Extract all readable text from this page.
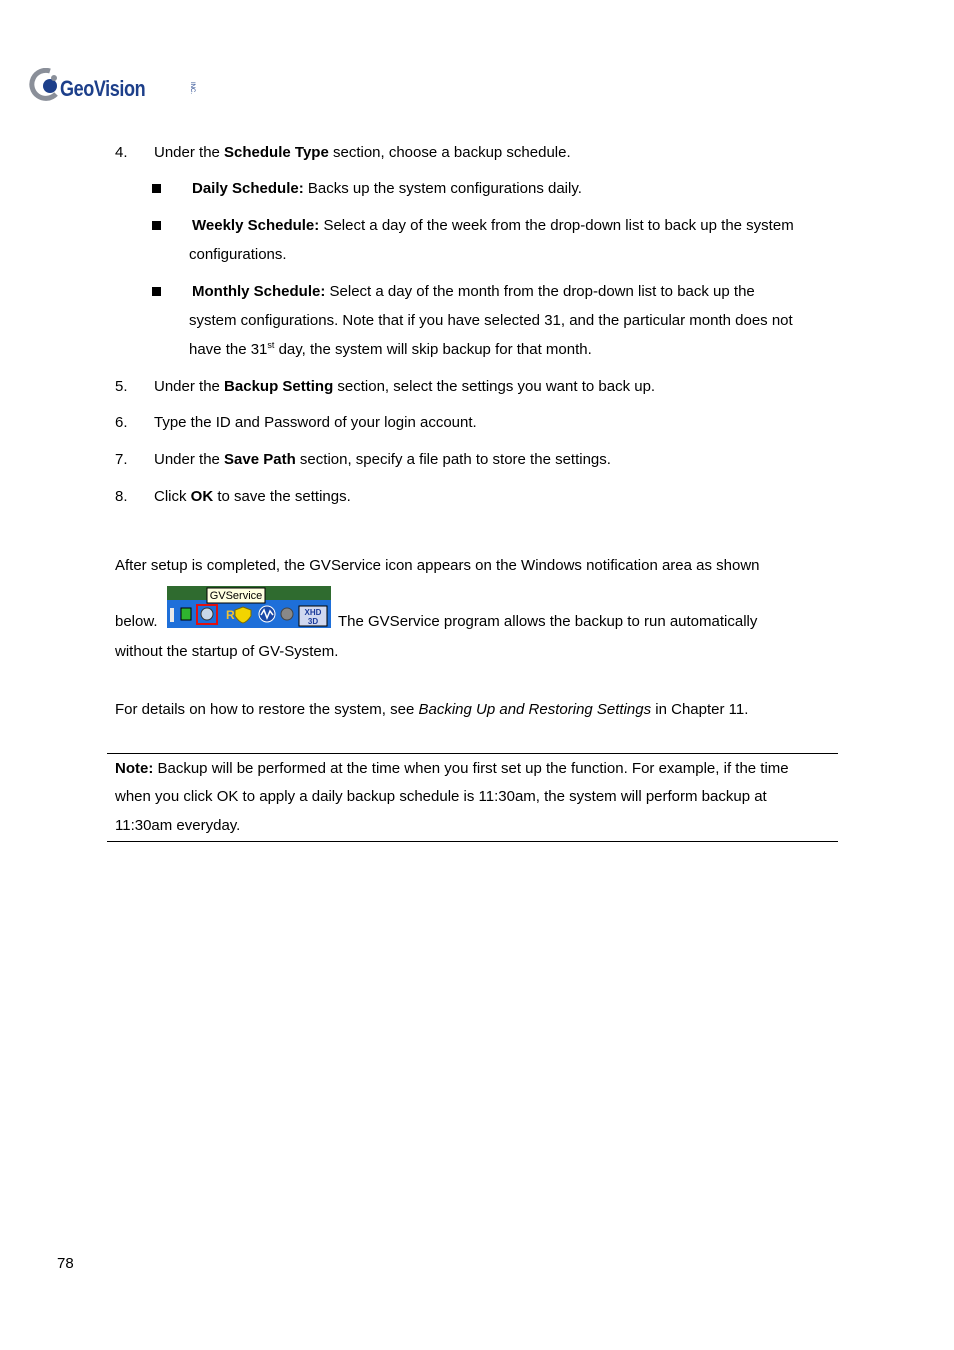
GeoVision	INC.
4. Under the Schedule Type section, choose a backup schedule.
Daily Schedule: Backs up the system configurations daily.
Weekly Schedule: Select a day of the week from the drop-down list to back up the system
configurations.
Monthly Schedule: Select a day of the month from the drop-down list to back up the
system configurations. Note that if you have selected 31, and the particular month does not
have the 31st day, the system will skip backup for that month.
5. Under the Backup Setting section, select the settings you want to back up.
6. Type the ID and Password of your login account.
7. Under the Save Path section, specify a file path to store the settings.
8. Click OK to save the settings.
After setup is completed, the GVService icon appears on the Windows notification area as shown
below.
GVService
R	XHD
3D The GVService program allows the backup to run automatically
without the startup of GV-System.
For details on how to restore the system, see Backing Up and Restoring Settings in Chapter 11.
Note: Backup will be performed at the time when you first set up the function. For example, if the time
when you click OK to apply a daily backup schedule is 11:30am, the system will perform backup at
11:30am everyday.
78
